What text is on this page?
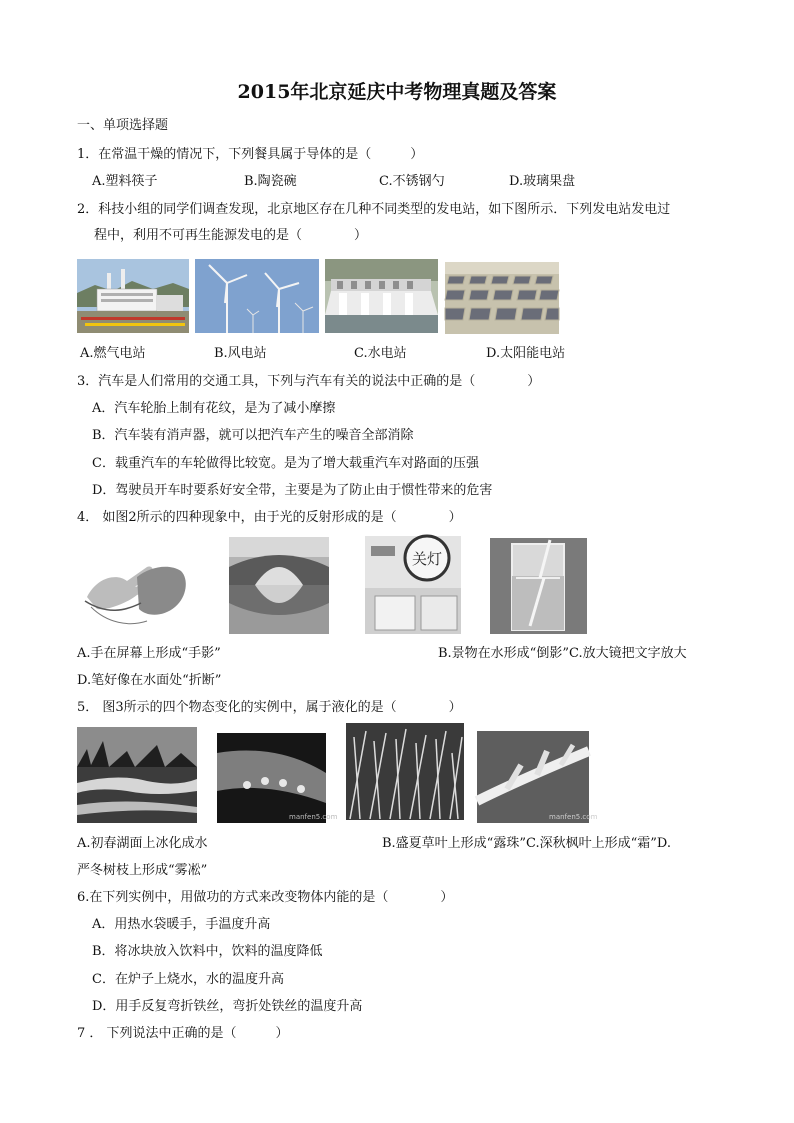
2015年北京延庆中考物理真题及答案
一、单项选择题
1．在常温干燥的情况下，下列餐具属于导体的是（　　　）
A.塑料筷子	B.陶瓷碗	C.不锈钢勺	D.玻璃果盘
2．科技小组的同学们调查发现，北京地区存在几种不同类型的发电站，如下图所示．下列发电站发电过
程中，利用不可再生能源发电的是（　　　　）
A.燃气电站	B.风电站	C.水电站	D.太阳能电站
3．汽车是人们常用的交通工具，下列与汽车有关的说法中正确的是（　　　　）
A．汽车轮胎上制有花纹，是为了减小摩擦
B．汽车装有消声器，就可以把汽车产生的噪音全部消除
C．载重汽车的车轮做得比较宽。是为了增大载重汽车对路面的压强
D．驾驶员开车时要系好安全带，主要是为了防止由于惯性带来的危害
4． 如图2所示的四种现象中，由于光的反射形成的是（　　　　）
关灯
A.手在屏幕上形成“手影”	B.景物在水形成“倒影”C.放大镜把文字放大
D.笔好像在水面处“折断”
5． 图3所示的四个物态变化的实例中，属于液化的是（　　　　）
manfen5.com	manfen5.com
A.初春湖面上冰化成水	B.盛夏草叶上形成“露珠”C.深秋枫叶上形成“霜”D.
严冬树枝上形成“雾凇”
6.在下列实例中，用做功的方式来改变物体内能的是（　　　　）
A．用热水袋暖手，手温度升高
B．将冰块放入饮料中，饮料的温度降低
C．在炉子上烧水，水的温度升高
D．用手反复弯折铁丝，弯折处铁丝的温度升高
7 ． 下列说法中正确的是（　　　）
